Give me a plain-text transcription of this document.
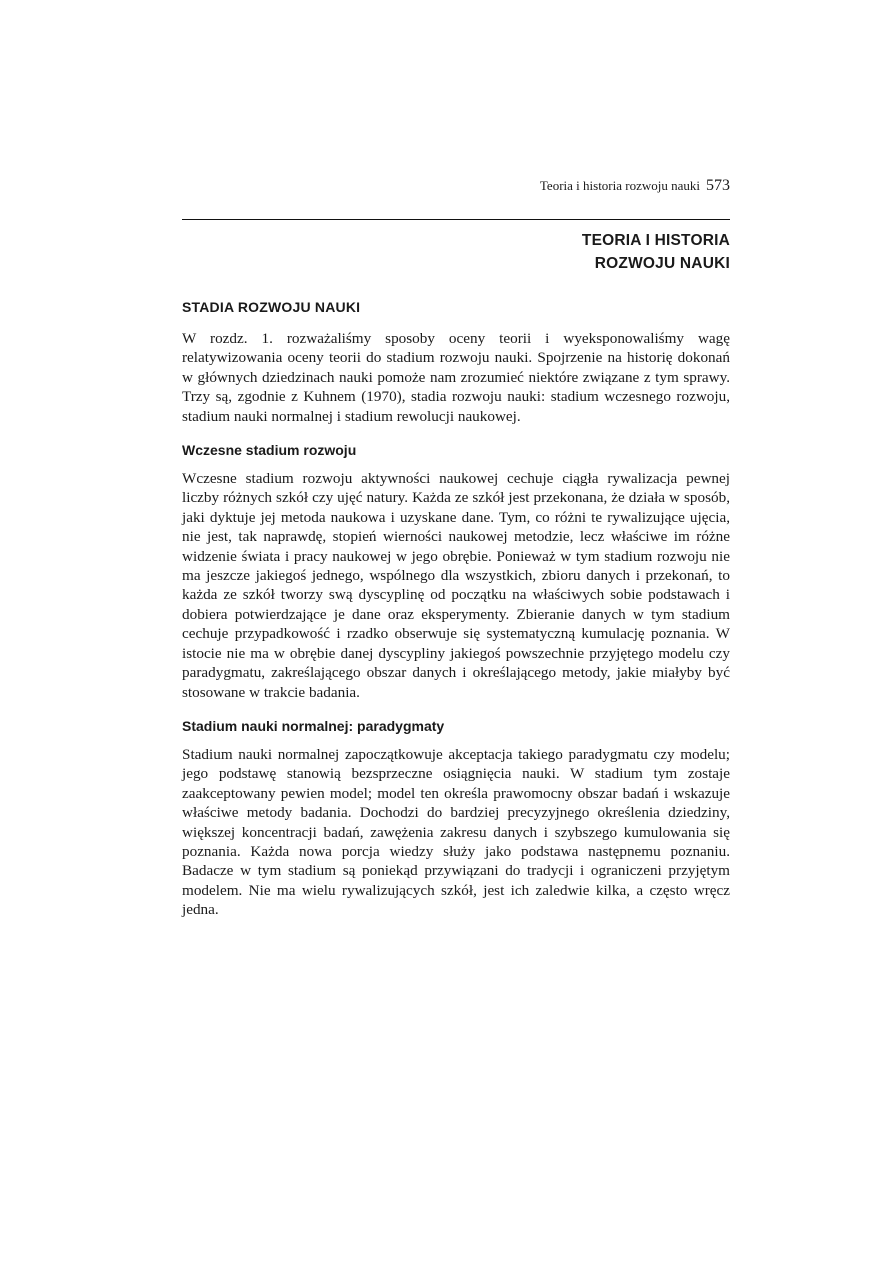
Teoria i historia rozwoju nauki 573
TEORIA I HISTORIA
ROZWOJU NAUKI
STADIA ROZWOJU NAUKI

W rozdz. 1. rozważaliśmy sposoby oceny teorii i wyeksponowaliśmy wagę relatywizowania oceny teorii do stadium rozwoju nauki. Spojrzenie na historię dokonań w głównych dziedzinach nauki pomoże nam zrozumieć niektóre związane z tym sprawy. Trzy są, zgodnie z Kuhnem (1970), stadia rozwoju nauki: stadium wczesnego rozwoju, stadium nauki normalnej i stadium rewolucji naukowej.

Wczesne stadium rozwoju

Wczesne stadium rozwoju aktywności naukowej cechuje ciągła rywalizacja pewnej liczby różnych szkół czy ujęć natury. Każda ze szkół jest przekonana, że działa w sposób, jaki dyktuje jej metoda naukowa i uzyskane dane. Tym, co różni te rywalizujące ujęcia, nie jest, tak naprawdę, stopień wierności naukowej metodzie, lecz właściwe im różne widzenie świata i pracy naukowej w jego obrębie. Ponieważ w tym stadium rozwoju nie ma jeszcze jakiegoś jednego, wspólnego dla wszystkich, zbioru danych i przekonań, to każda ze szkół tworzy swą dyscyplinę od początku na właściwych sobie podstawach i dobiera potwierdzające je dane oraz eksperymenty. Zbieranie danych w tym stadium cechuje przypadkowość i rzadko obserwuje się systematyczną kumulację poznania. W istocie nie ma w obrębie danej dyscypliny jakiegoś powszechnie przyjętego modelu czy paradygmatu, zakreślającego obszar danych i określającego metody, jakie miałyby być stosowane w trakcie badania.

Stadium nauki normalnej: paradygmaty

Stadium nauki normalnej zapoczątkowuje akceptacja takiego paradygmatu czy modelu; jego podstawę stanowią bezsprzeczne osiągnięcia nauki. W stadium tym zostaje zaakceptowany pewien model; model ten określa prawomocny obszar badań i wskazuje właściwe metody badania. Dochodzi do bardziej precyzyjnego określenia dziedziny, większej koncentracji badań, zawężenia zakresu danych i szybszego kumulowania się poznania. Każda nowa porcja wiedzy służy jako podstawa następnemu poznaniu. Badacze w tym stadium są poniekąd przywiązani do tradycji i ograniczeni przyjętym modelem. Nie ma wielu rywalizujących szkół, jest ich zaledwie kilka, a często wręcz jedna.
